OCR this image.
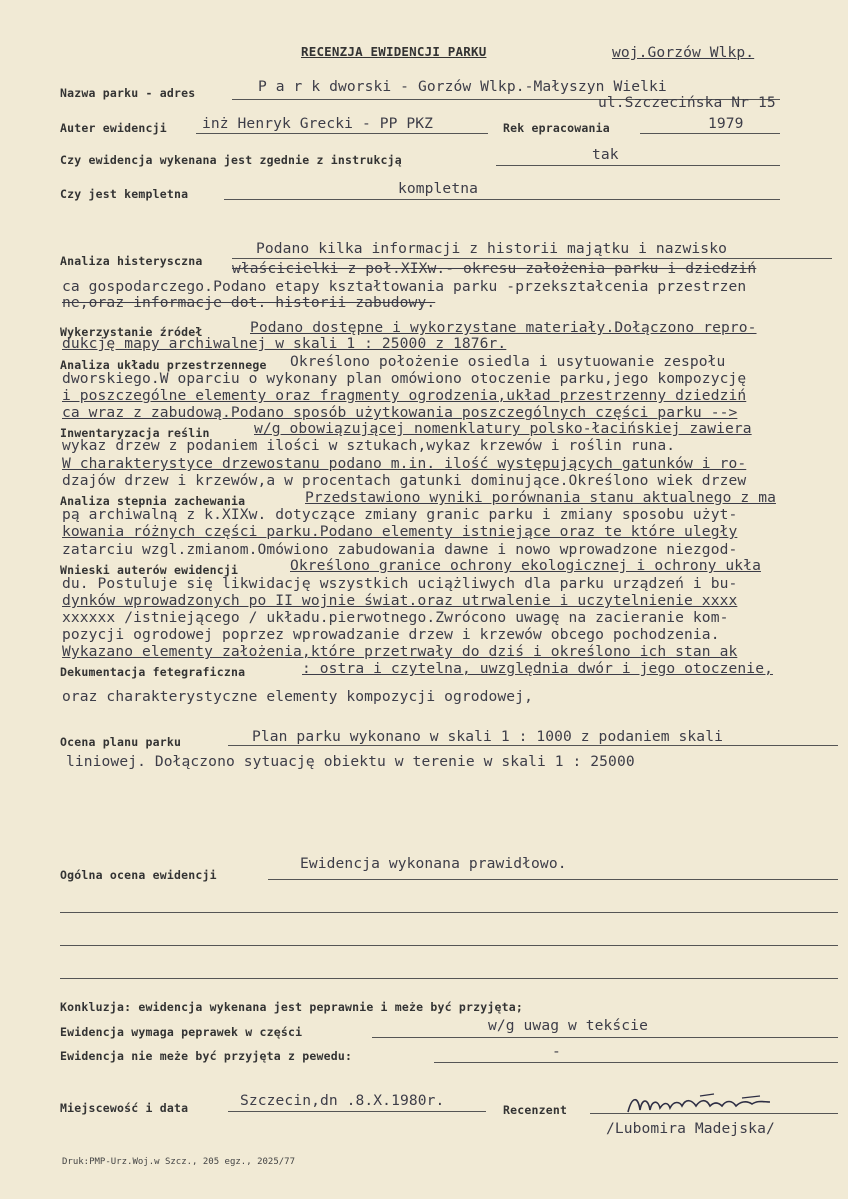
RECENZJA EWIDENCJI PARKU	woj.Gorzów Wlkp.
Nazwa parku - adres	P a r k dworski - Gorzów Wlkp.-Małyszyn Wielki
ul.Szczecińska Nr 15
Auter ewidencji inż Henryk Grecki - PP PKZ	Rek epracowania	1979
Czy ewidencja wykenana jest zgednie z instrukcją	tak
Czy jest kempletna	kompletna
Analiza histerysczna
Podano kilka informacji z historii majątku i nazwisko
właścicielki z poł.XIXw.- okresu założenia parku i dziedziń
ca gospodarczego.Podano etapy kształtowania parku -przekształcenia przestrzen
ne,oraz informacje dot. historii zabudowy.
Wykerzystanie źródeł	Podano dostępne i wykorzystane materiały.Dołączono repro-
dukcję mapy archiwalnej w skali 1 : 25000 z 1876r.
Analiza układu przestrzennege Określono położenie osiedla i usytuowanie zespołu
dworskiego.W oparciu o wykonany plan omówiono otoczenie parku,jego kompozycję
i poszczególne elementy oraz fragmenty ogrodzenia,układ przestrzenny dziedziń
ca wraz z zabudową.Podano sposób użytkowania poszczególnych części parku -->
Inwentaryzacja reślin	w/g obowiązującej nomenklatury polsko-łacińskiej zawiera
wykaz drzew z podaniem ilości w sztukach,wykaz krzewów i roślin runa.
W charakterystyce drzewostanu podano m.in. ilość występujących gatunków i ro-
dzajów drzew i krzewów,a w procentach gatunki dominujące.Określono wiek drzew
Analiza stepnia zachewania	Przedstawiono wyniki porównania stanu aktualnego z ma
pą archiwalną z k.XIXw. dotyczące zmiany granic parku i zmiany sposobu użyt-
kowania różnych części parku.Podano elementy istniejące oraz te które uległy
zatarciu wzgl.zmianom.Omówiono zabudowania dawne i nowo wprowadzone niezgod-
Wnieski auterów ewidencji	Określono granice ochrony ekologicznej i ochrony ukła
du. Postuluje się likwidację wszystkich uciążliwych dla parku urządzeń i bu-
dynków wprowadzonych po II wojnie świat.oraz utrwalenie i uczytelnienie xxxx
xxxxxx /istniejącego / układu.pierwotnego.Zwrócono uwagę na zacieranie kom-
pozycji ogrodowej poprzez wprowadzanie drzew i krzewów obcego pochodzenia.
Wykazano elementy założenia,które przetrwały do dziś i określono ich stan ak
Dekumentacja fetegraficzna	: ostra i czytelna, uwzględnia dwór i jego otoczenie,
oraz charakterystyczne elementy kompozycji ogrodowej,
Ocena planu parku	Plan parku wykonano w skali 1 : 1000 z podaniem skali
liniowej. Dołączono sytuację obiektu w terenie w skali 1 : 25000
Ogólna ocena ewidencji
Ewidencja wykonana prawidłowo.
Konkluzja: ewidencja wykenana jest peprawnie i meże być przyjęta;
Ewidencja wymaga peprawek w części	w/g uwag w tekście
Ewidencja nie meże być przyjęta z pewedu:	-
Miejscewość i data	Szczecin,dn .8.X.1980r.
Recenzent
/Lubomira Madejska/
Druk:PMP-Urz.Woj.w Szcz., 205 egz., 2025/77
